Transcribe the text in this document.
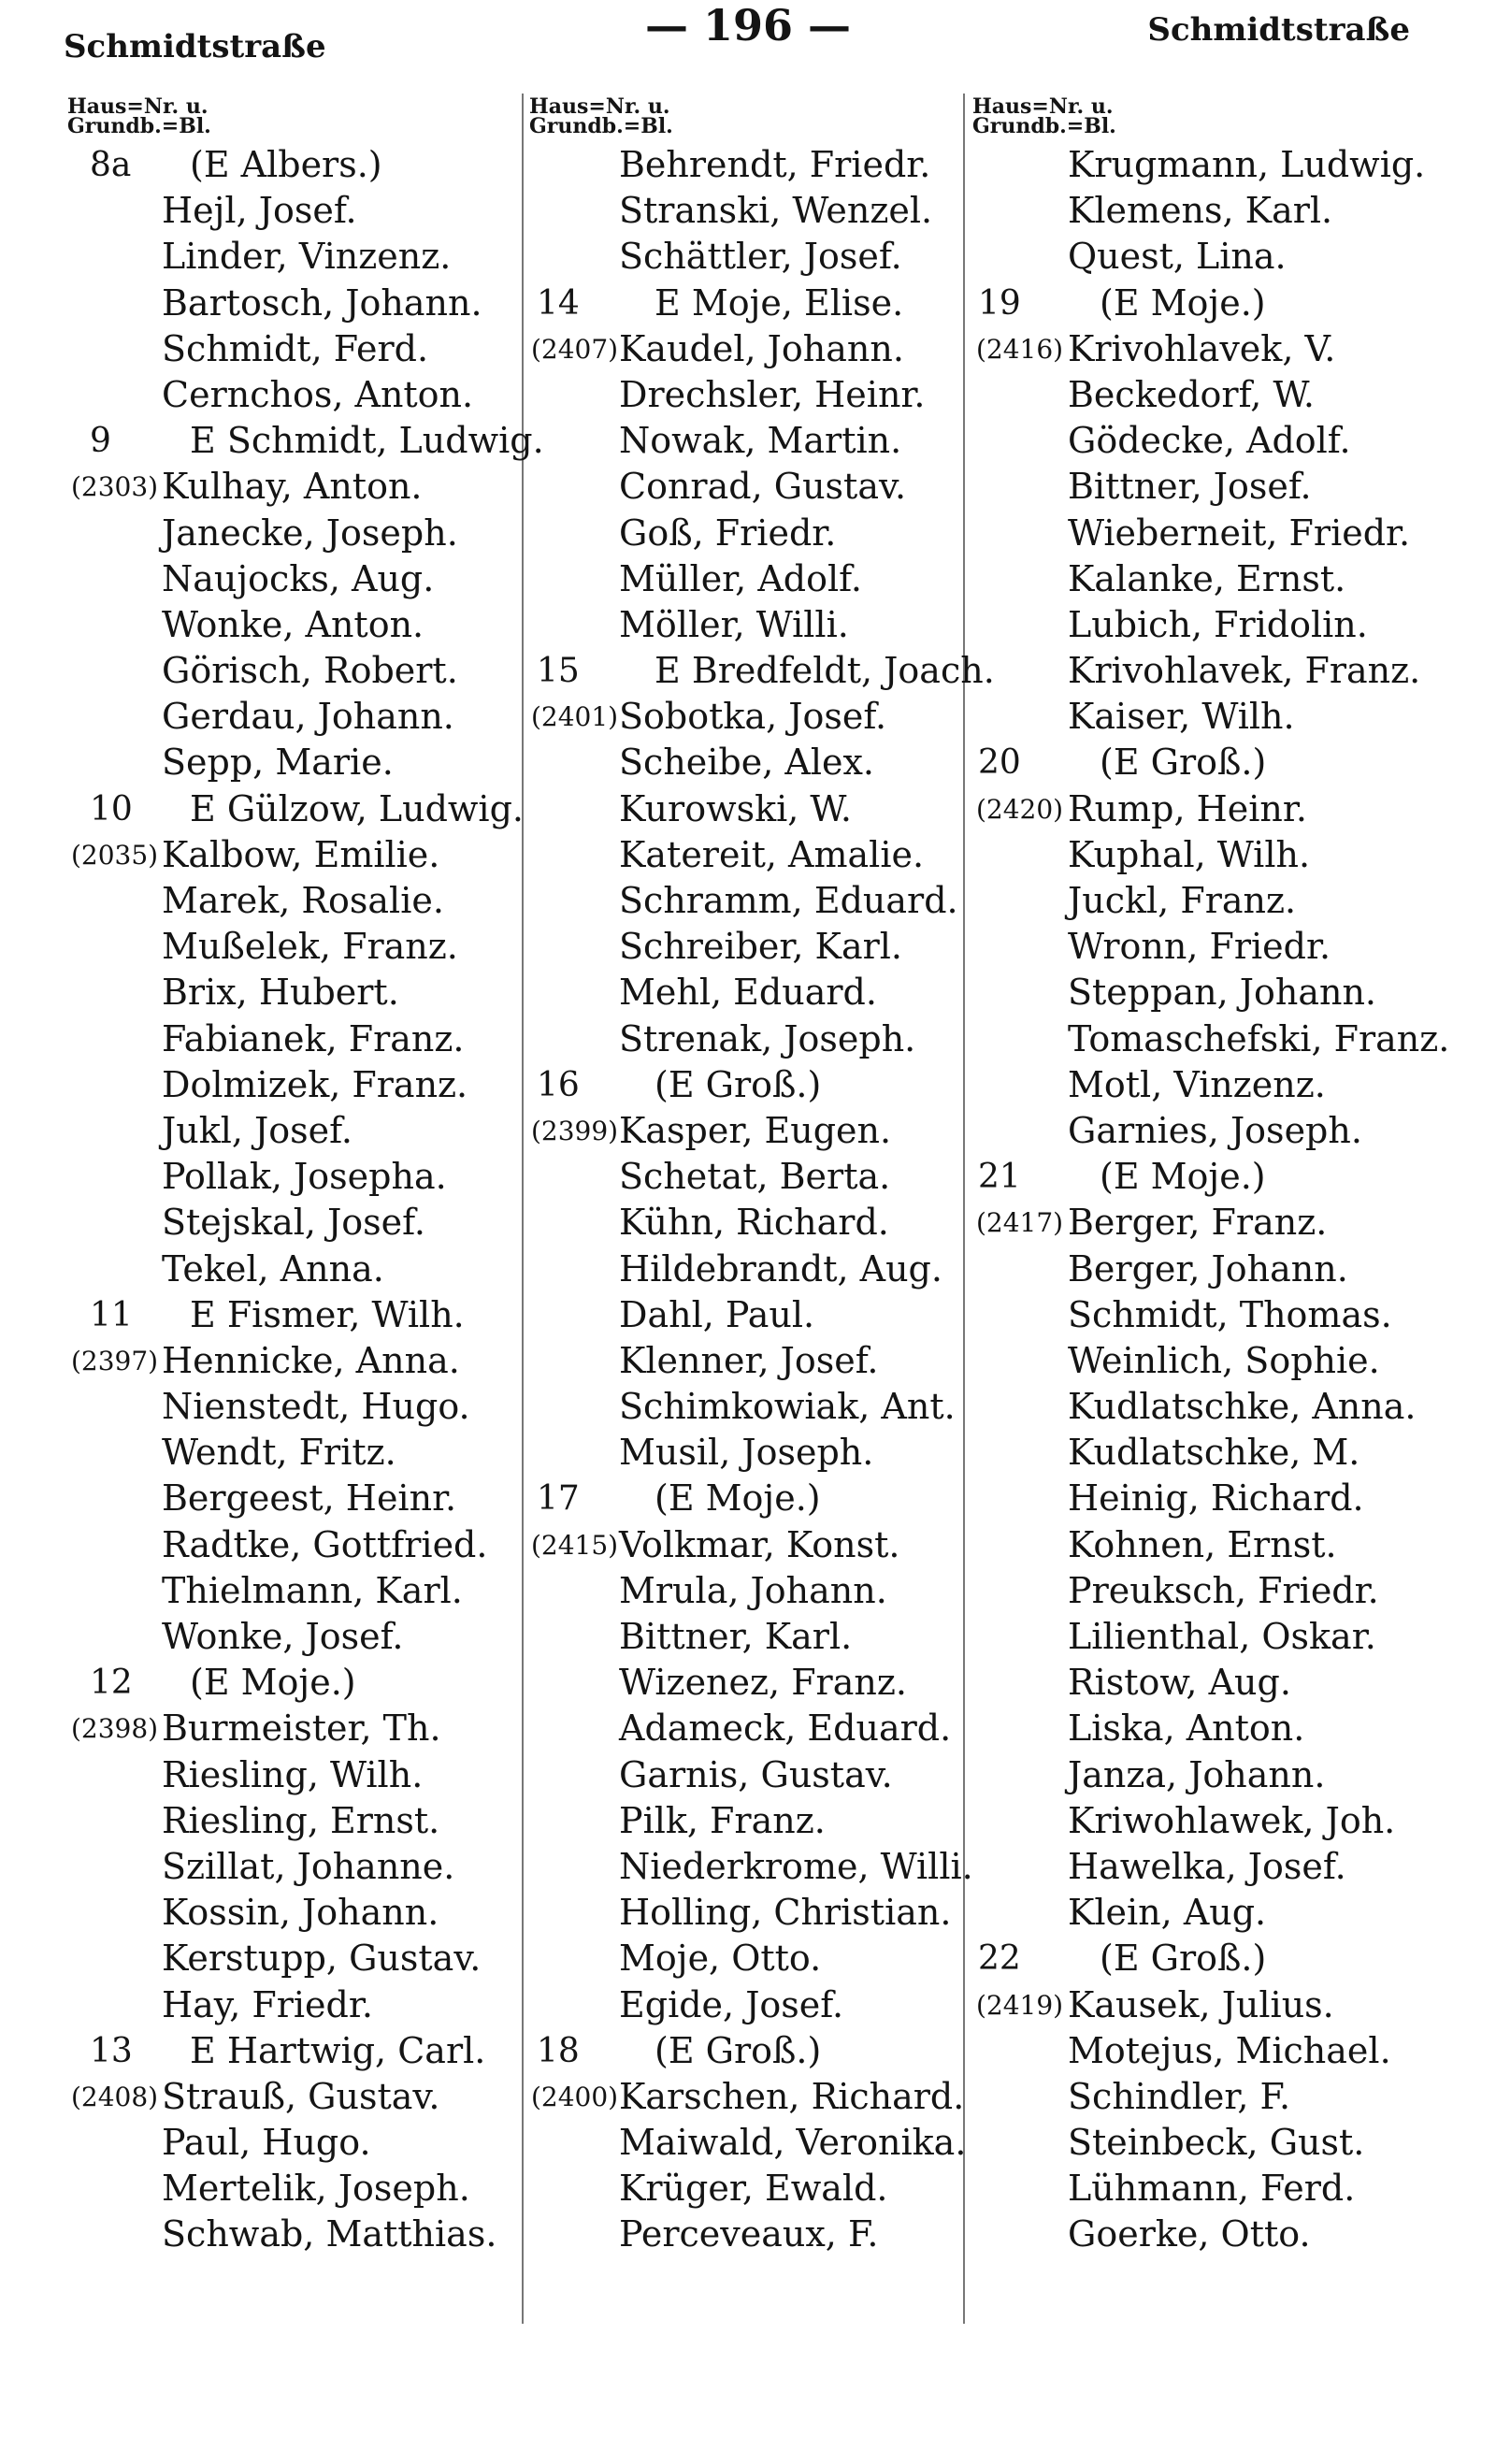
Schmidtstraße	— 196 —	Schmidtstraße
Haus=Nr. u.
Grundb.=Bl.
8a (E Albers.)
Hejl, Josef.
Linder, Vinzenz.
Bartosch, Johann.
Schmidt, Ferd.
Cernchos, Anton.
9 E Schmidt, Ludwig.
(2303) Kulhay, Anton.
Janecke, Joseph.
Naujocks, Aug.
Wonke, Anton.
Görisch, Robert.
Gerdau, Johann.
Sepp, Marie.
10 E Gülzow, Ludwig.
(2035) Kalbow, Emilie.
Marek, Rosalie.
Mußelek, Franz.
Brix, Hubert.
Fabianek, Franz.
Dolmizek, Franz.
Jukl, Josef.
Pollak, Josepha.
Stejskal, Josef.
Tekel, Anna.
11 E Fismer, Wilh.
(2397) Hennicke, Anna.
Nienstedt, Hugo.
Wendt, Fritz.
Bergeest, Heinr.
Radtke, Gottfried.
Thielmann, Karl.
Wonke, Josef.
12 (E Moje.)
(2398) Burmeister, Th.
Riesling, Wilh.
Riesling, Ernst.
Szillat, Johanne.
Kossin, Johann.
Kerstupp, Gustav.
Hay, Friedr.
13 E Hartwig, Carl.
(2408) Strauß, Gustav.
Paul, Hugo.
Mertelik, Joseph.
Schwab, Matthias.
Haus=Nr. u.
Grundb.=Bl.
Behrendt, Friedr.
Stranski, Wenzel.
Schättler, Josef.
14 E Moje, Elise.
(2407) Kaudel, Johann.
Drechsler, Heinr.
Nowak, Martin.
Conrad, Gustav.
Goß, Friedr.
Müller, Adolf.
Möller, Willi.
15 E Bredfeldt, Joach.
(2401) Sobotka, Josef.
Scheibe, Alex.
Kurowski, W.
Katereit, Amalie.
Schramm, Eduard.
Schreiber, Karl.
Mehl, Eduard.
Strenak, Joseph.
16 (E Groß.)
(2399) Kasper, Eugen.
Schetat, Berta.
Kühn, Richard.
Hildebrandt, Aug.
Dahl, Paul.
Klenner, Josef.
Schimkowiak, Ant.
Musil, Joseph.
17 (E Moje.)
(2415) Volkmar, Konst.
Mrula, Johann.
Bittner, Karl.
Wizenez, Franz.
Adameck, Eduard.
Garnis, Gustav.
Pilk, Franz.
Niederkrome, Willi.
Holling, Christian.
Moje, Otto.
Egide, Josef.
18 (E Groß.)
(2400) Karschen, Richard.
Maiwald, Veronika.
Krüger, Ewald.
Perceveaux, F.
Haus=Nr. u.
Grundb.=Bl.
Krugmann, Ludwig.
Klemens, Karl.
Quest, Lina.
19 (E Moje.)
(2416) Krivohlavek, V.
Beckedorf, W.
Gödecke, Adolf.
Bittner, Josef.
Wieberneit, Friedr.
Kalanke, Ernst.
Lubich, Fridolin.
Krivohlavek, Franz.
Kaiser, Wilh.
20 (E Groß.)
(2420) Rump, Heinr.
Kuphal, Wilh.
Juckl, Franz.
Wronn, Friedr.
Steppan, Johann.
Tomaschefski, Franz.
Motl, Vinzenz.
Garnies, Joseph.
21 (E Moje.)
(2417) Berger, Franz.
Berger, Johann.
Schmidt, Thomas.
Weinlich, Sophie.
Kudlatschke, Anna.
Kudlatschke, M.
Heinig, Richard.
Kohnen, Ernst.
Preuksch, Friedr.
Lilienthal, Oskar.
Ristow, Aug.
Liska, Anton.
Janza, Johann.
Kriwohlawek, Joh.
Hawelka, Josef.
Klein, Aug.
22 (E Groß.)
(2419) Kausek, Julius.
Motejus, Michael.
Schindler, F.
Steinbeck, Gust.
Lühmann, Ferd.
Goerke, Otto.
